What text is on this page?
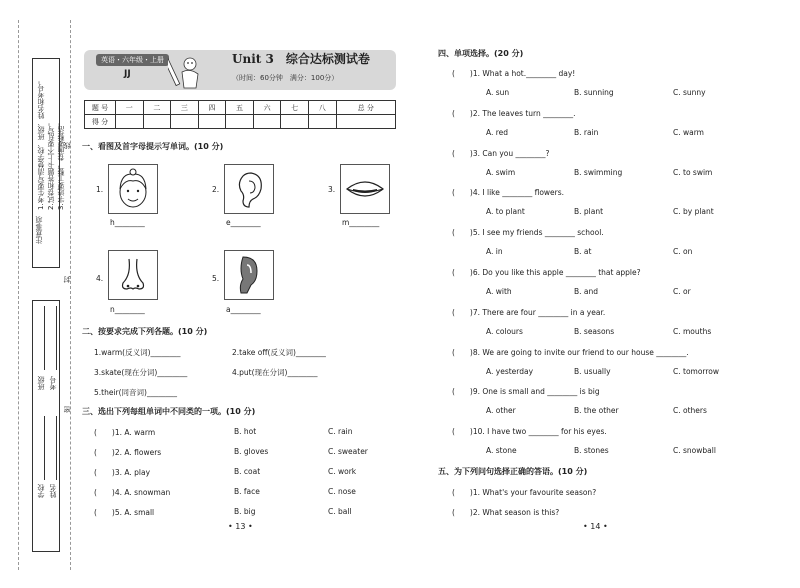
注意事项
1.考生要写清楚学校、班级、姓名和考号。 2.试卷和答题卡上不要乱写。 3.字迹要工整，卷面要整洁。
线
封
密
学校 姓名
班级 考号
英语・六年级・上册
JJ
Unit 3　综合达标测试卷
（时间：60分钟　满分：100分）
题 号	一	二	三	四	五	六	七	八	总 分
得 分									
一、看图及首字母提示写单词。(10 分)
1.
h________
2.
e________
3.
m________
4.
n________
5.
a________
二、按要求完成下列各题。(10 分)
1.warm(反义词)________	2.take off(反义词)________
3.skate(现在分词)________	4.put(现在分词)________
5.their(同音词)________
三、选出下列每组单词中不同类的一项。(10 分)
(　　)1. A. warm	B. hot	C. rain
(　　)2. A. flowers	B. gloves	C. sweater
(　　)3. A. play	B. coat	C. work
(　　)4. A. snowman	B. face	C. nose
(　　)5. A. small	B. big	C. ball
• 13 •
四、单项选择。(20 分)
(　　)1. What a hot.________ day!
A. sun	B. sunning	C. sunny
(　　)2. The leaves turn ________.
A. red	B. rain	C. warm
(　　)3. Can you ________?
A. swim	B. swimming	C. to swim
(　　)4. I like ________ flowers.
A. to plant	B. plant	C. by plant
(　　)5. I see my friends ________ school.
A. in	B. at	C. on
(　　)6. Do you like this apple ________ that apple?
A. with	B. and	C. or
(　　)7. There are four ________ in a year.
A. colours	B. seasons	C. mouths
(　　)8. We are going to invite our friend to our house ________.
A. yesterday	B. usually	C. tomorrow
(　　)9. One is small and ________ is big
A. other	B. the other	C. others
(　　)10. I have two ________ for his eyes.
A. stone	B. stones	C. snowball
五、为下列问句选择正确的答语。(10 分)
(　　)1. What's your favourite season?
(　　)2. What season is this?
• 14 •
